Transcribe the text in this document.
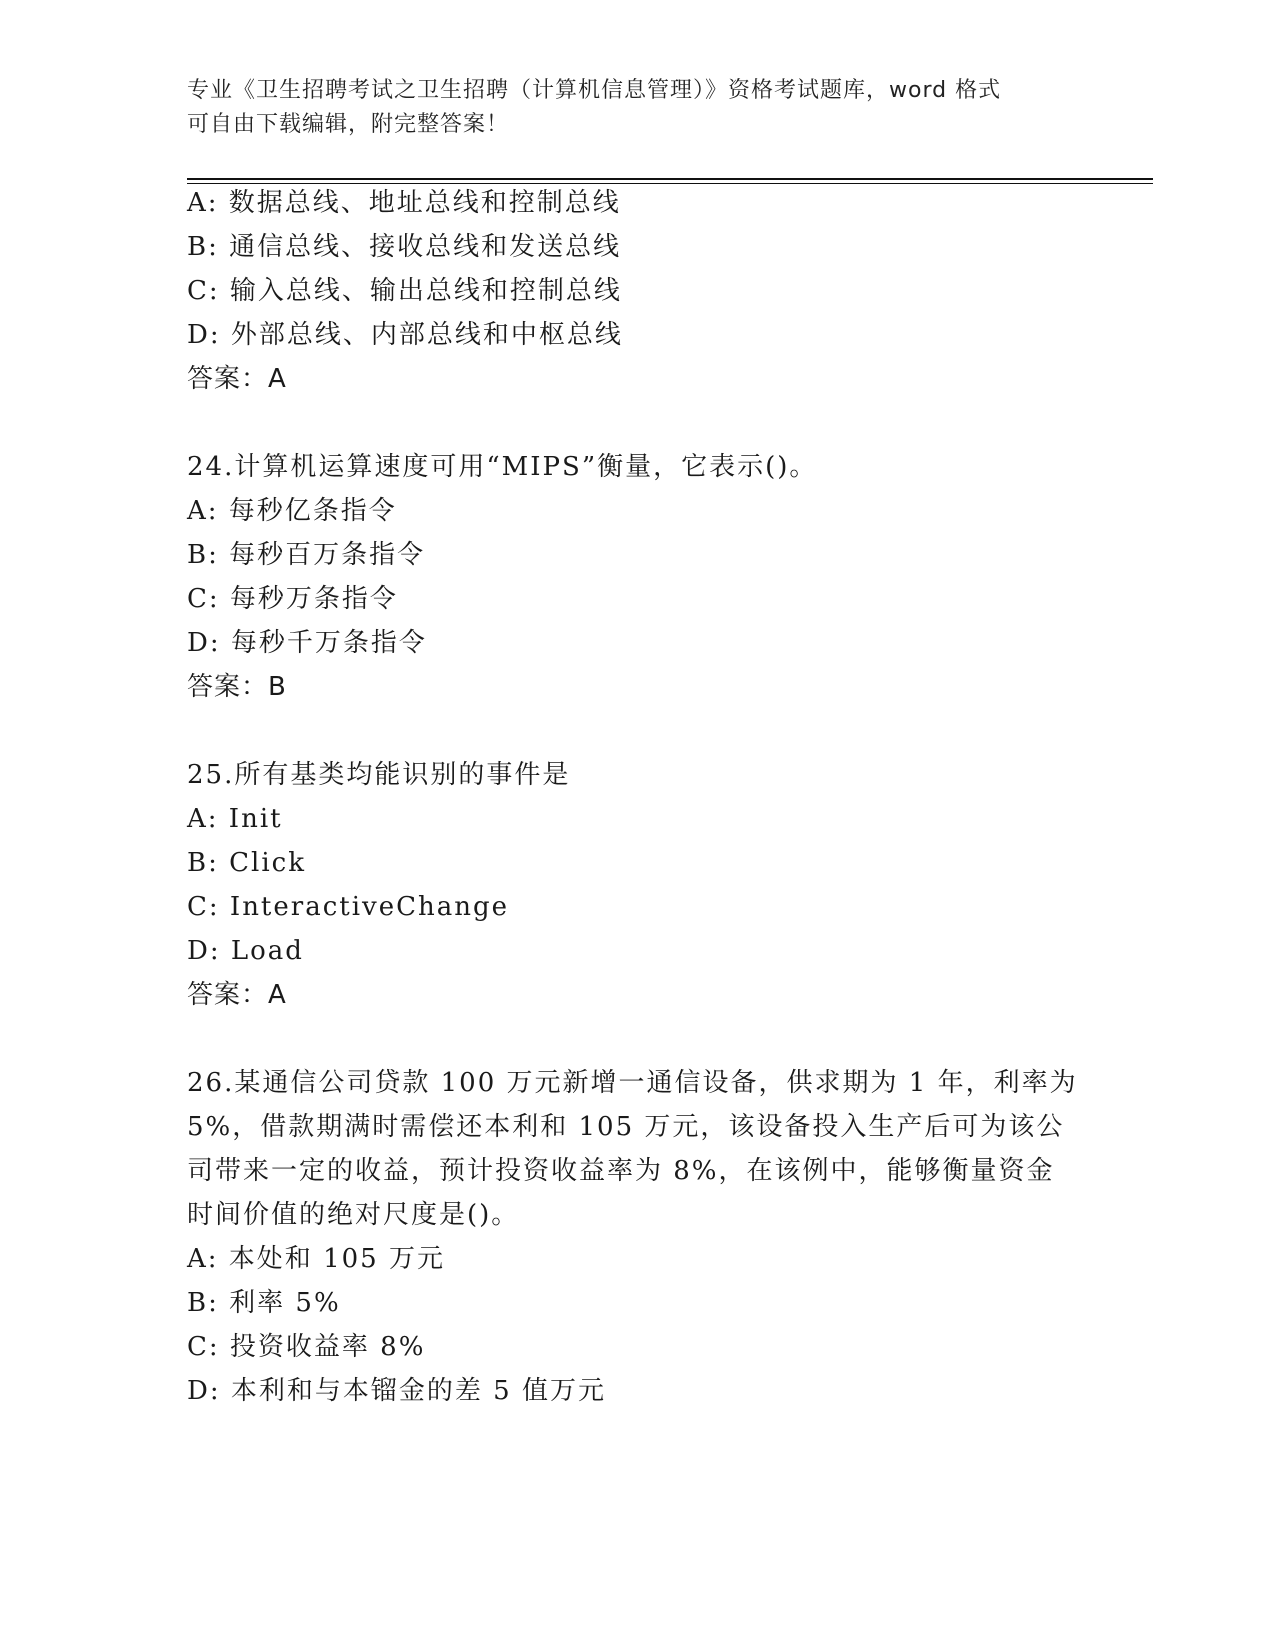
专业《卫生招聘考试之卫生招聘（计算机信息管理）》资格考试题库，word 格式
可自由下载编辑，附完整答案！
A: 数据总线、地址总线和控制总线
B: 通信总线、接收总线和发送总线
C: 输入总线、输出总线和控制总线
D: 外部总线、内部总线和中枢总线
答案：A
24.计算机运算速度可用“MIPS”衡量，它表示()。
A: 每秒亿条指令
B: 每秒百万条指令
C: 每秒万条指令
D: 每秒千万条指令
答案：B
25.所有基类均能识别的事件是
A: Init
B: Click
C: InteractiveChange
D: Load
答案：A
26.某通信公司贷款 100 万元新增一通信设备，供求期为 1 年，利率为
5%，借款期满时需偿还本利和 105 万元，该设备投入生产后可为该公
司带来一定的收益，预计投资收益率为 8%，在该例中，能够衡量资金
时间价值的绝对尺度是()。
A: 本处和 105 万元
B: 利率 5%
C: 投资收益率 8%
D: 本利和与本镏金的差 5 值万元
